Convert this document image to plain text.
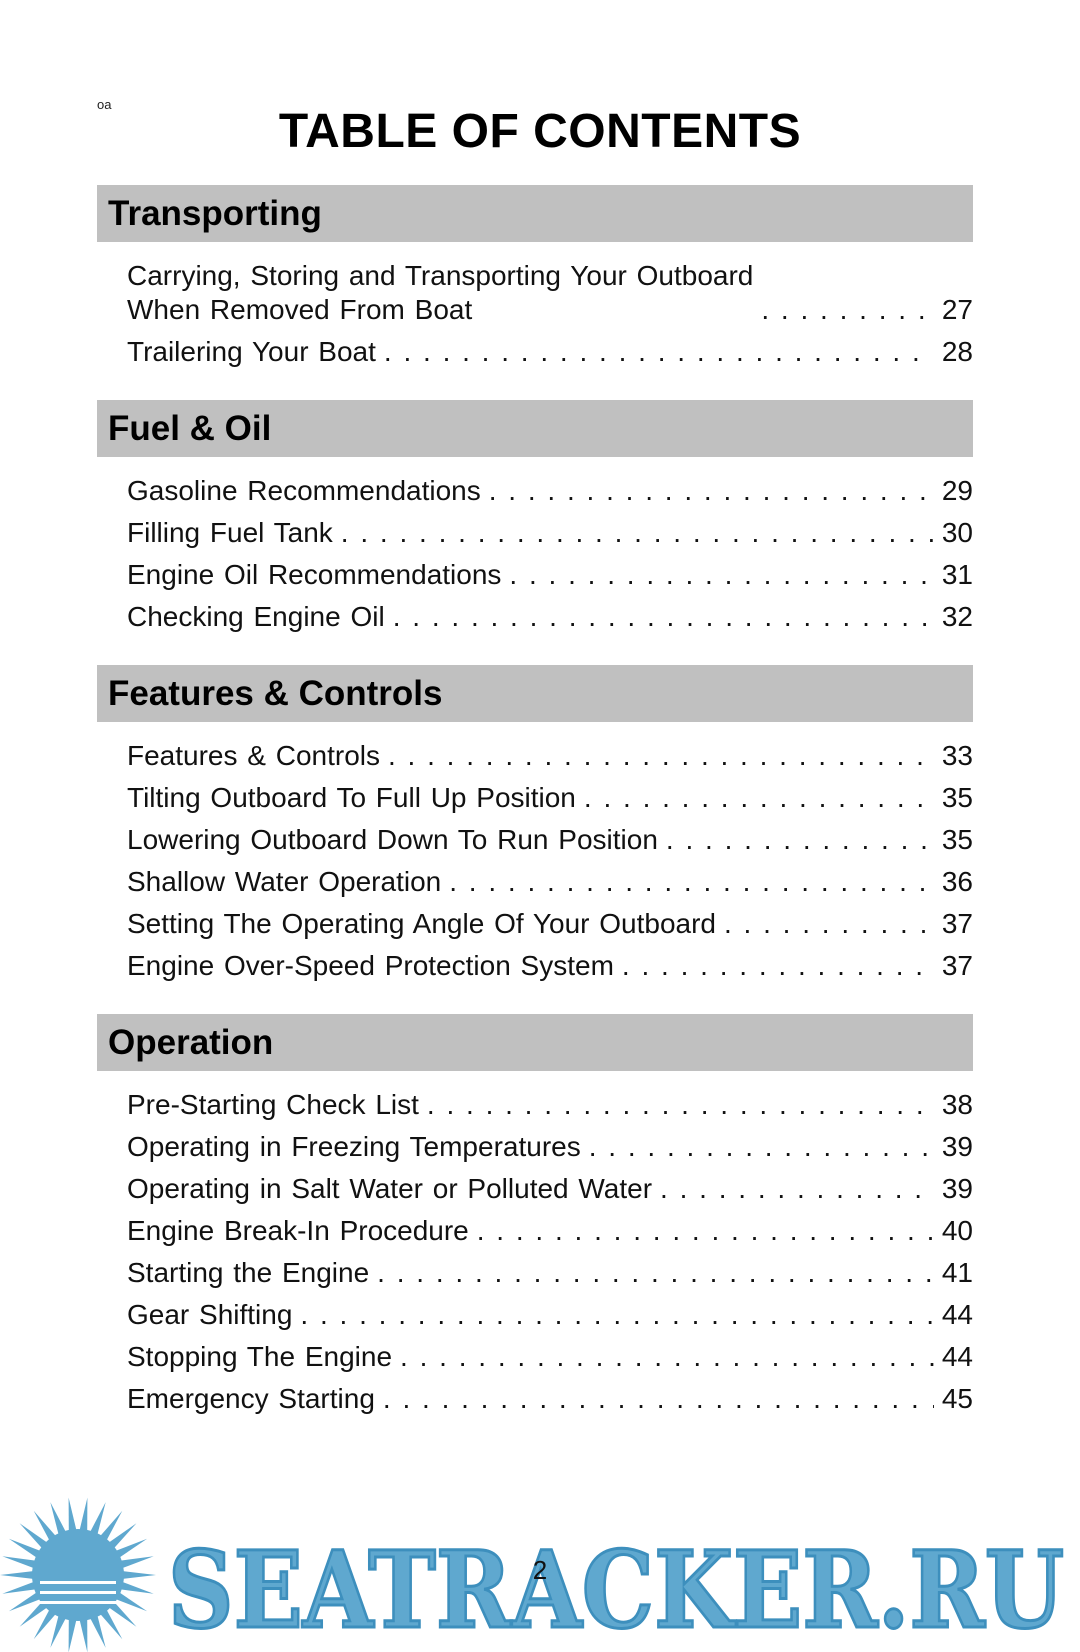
oa
TABLE OF CONTENTS
Transporting
Carrying, Storing and Transporting Your Outboard
When Removed From Boat . . .	27
Trailering Your Boat . . .	28
Fuel & Oil
Gasoline Recommendations . . .	29
Filling Fuel Tank . . .	30
Engine Oil Recommendations . . .	31
Checking Engine Oil . . .	32
Features & Controls
Features & Controls . . .	33
Tilting Outboard To Full Up Position . . .	35
Lowering Outboard Down To Run Position . . .	35
Shallow Water Operation . . .	36
Setting The Operating Angle Of Your Outboard . . .	37
Engine Over-Speed Protection System . . .	37
Operation
Pre-Starting Check List . . .	38
Operating in Freezing Temperatures . . .	39
Operating in Salt Water or Polluted Water . . .	39
Engine Break-In Procedure . . .	40
Starting the Engine . . .	41
Gear Shifting . . .	44
Stopping The Engine . . .	44
Emergency Starting . . .	45
SEATRACKER.RU
2
